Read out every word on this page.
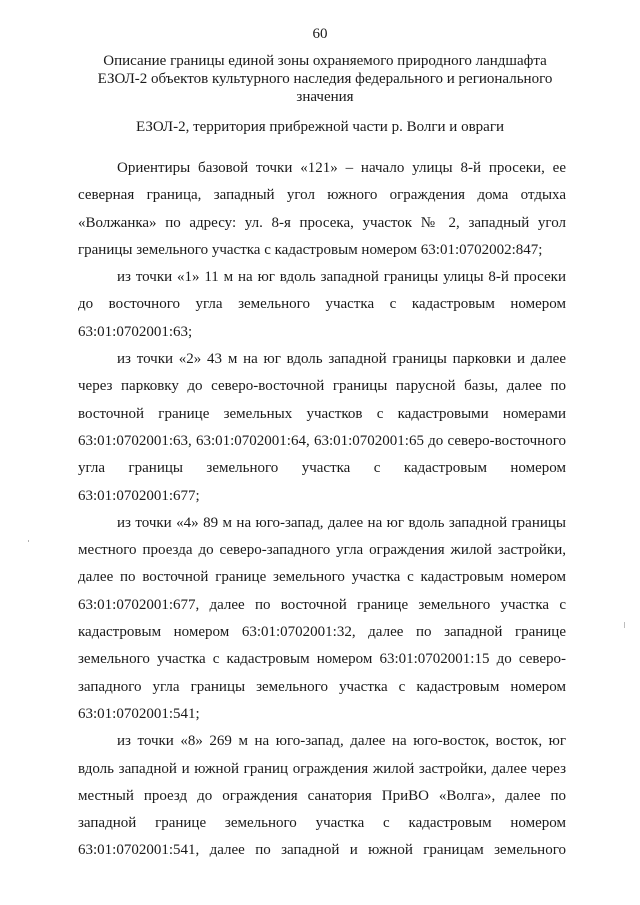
60
Описание границы единой зоны охраняемого природного ландшафта
ЕЗОЛ-2 объектов культурного наследия федерального и регионального
значения
ЕЗОЛ-2, территория прибрежной части р. Волги и овраги

Ориентиры базовой точки «121» – начало улицы 8-й просеки, ее северная граница, западный угол южного ограждения дома отдыха «Волжанка» по адресу: ул. 8-я просека, участок № 2, западный угол границы земельного участка с кадастровым номером 63:01:0702002:847;

из точки «1» 11 м на юг вдоль западной границы улицы 8-й просеки до восточного угла земельного участка с кадастровым номером 63:01:0702001:63;

из точки «2» 43 м на юг вдоль западной границы парковки и далее через парковку до северо-восточной границы парусной базы, далее по восточной границе земельных участков с кадастровыми номерами 63:01:0702001:63, 63:01:0702001:64, 63:01:0702001:65 до северо-восточного угла границы земельного участка с кадастровым номером 63:01:0702001:677;

из точки «4» 89 м на юго-запад, далее на юг вдоль западной границы местного проезда до северо-западного угла ограждения жилой застройки, далее по восточной границе земельного участка с кадастровым номером 63:01:0702001:677, далее по восточной границе земельного участка с кадастровым номером 63:01:0702001:32, далее по западной границе земельного участка с кадастровым номером 63:01:0702001:15 до северо-западного угла границы земельного участка с кадастровым номером 63:01:0702001:541;

из точки «8» 269 м на юго-запад, далее на юго-восток, восток, юг вдоль западной и южной границ ограждения жилой застройки, далее через местный проезд до ограждения санатория ПриВО «Волга», далее по западной границе земельного участка с кадастровым номером 63:01:0702001:541, далее по западной и южной границам земельного
